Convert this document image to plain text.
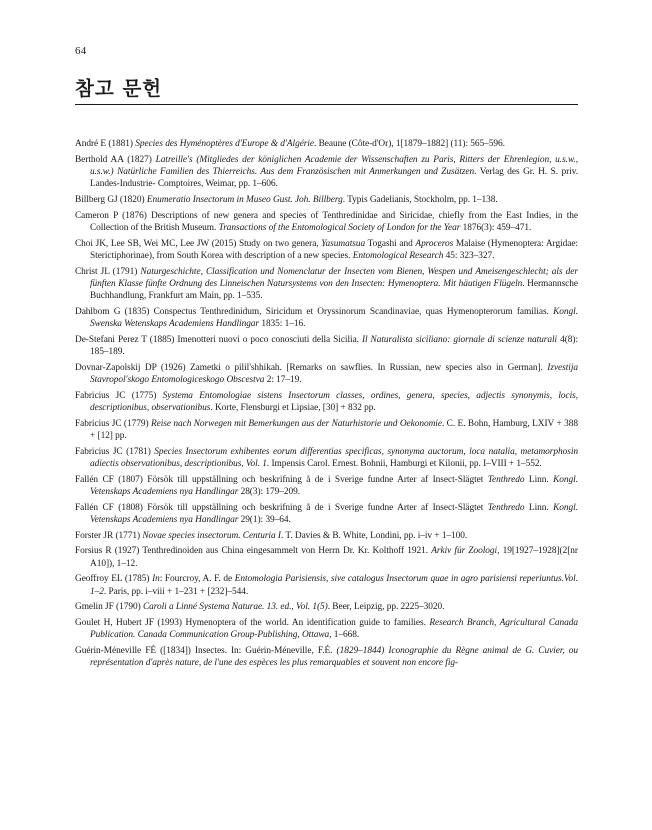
64
참고 문헌
André E (1881) Species des Hyménoptères d'Europe & d'Algérie. Beaune (Côte-d'Or), 1[1879–1882] (11): 565–596.
Berthold AA (1827) Latreille's (Mitgliedes der königlichen Academie der Wissenschaften zu Paris, Ritters der Ehrenlegion, u.s.w., u.s.w.) Natürliche Familien des Thierreichs. Aus dem Französischen mit Anmerkungen und Zusätzen. Verlag des Gr. H. S. priv. Landes-Industrie- Comptoires, Weimar, pp. 1–606.
Billberg GJ (1820) Enumeratio Insectorum in Museo Gust. Joh. Billberg. Typis Gadelianis, Stockholm, pp. 1–138.
Cameron P (1876) Descriptions of new genera and species of Tenthredinidae and Siricidae, chiefly from the East Indies, in the Collection of the British Museum. Transactions of the Entomological Society of London for the Year 1876(3): 459–471.
Choi JK, Lee SB, Wei MC, Lee JW (2015) Study on two genera, Yasumatsua Togashi and Aproceros Malaise (Hymenoptera: Argidae: Sterictiphorinae), from South Korea with description of a new species. Entomological Research 45: 323–327.
Christ JL (1791) Naturgeschichte, Classification und Nomenclatur der Insecten vom Bienen, Wespen und Ameisengeschlecht; als der fünften Klasse fünfte Ordnung des Linneischen Natursystems von den Insecten: Hymenoptera. Mit häutigen Flügeln. Hermannsche Buchhandlung, Frankfurt am Main, pp. 1–535.
Dahlbom G (1835) Conspectus Tenthredinidum, Siricidum et Oryssinorum Scandinaviae, quas Hymenopterorum familias. Kongl. Swenska Wetenskaps Academiens Handlingar 1835: 1–16.
De-Stefani Perez T (1885) Imenotteri nuovi o poco conosciuti della Sicilia. Il Naturalista siciliano: giornale di scienze naturali 4(8): 185–189.
Dovnar-Zapolskij DP (1926) Zametki o pilil'shhikah. [Remarks on sawflies. In Russian, new species also in German]. Izvestija Stavropol'skogo Entomologiceskogo Obscestva 2: 17–19.
Fabricius JC (1775) Systema Entomologiae sistens Insectorum classes, ordines, genera, species, adjectis synonymis, locis, descriptionibus, observationibus. Korte, Flensburgi et Lipsiae, [30] + 832 pp.
Fabricius JC (1779) Reise nach Norwegen mit Bemerkungen aus der Naturhistorie und Oekonomie. C. E. Bohn, Hamburg, LXIV + 388 + [12] pp.
Fabricius JC (1781) Species Insectorum exhibentes eorum differentias specificas, synonyma auctorum, loca natalia, metamorphosin adiectis observationibus, descriptionibus, Vol. 1. Impensis Carol. Ernest. Bohnii, Hamburgi et Kilonii, pp. I–VIII + 1–552.
Fallén CF (1807) Försök till uppställning och beskrifning å de i Sverige fundne Arter af Insect-Slägtet Tenthredo Linn. Kongl. Vetenskaps Academiens nya Handlingar 28(3): 179–209.
Fallén CF (1808) Försök till uppställning och beskrifning å de i Sverige fundne Arter af Insect-Slägtet Tenthredo Linn. Kongl. Vetenskaps Academiens nya Handlingar 29(1): 39–64.
Forster JR (1771) Novae species insectorum. Centuria I. T. Davies & B. White, Londini, pp. i–iv + 1–100.
Forsius R (1927) Tenthredinoiden aus China eingesammelt von Herrn Dr. Kr. Kolthoff 1921. Arkiv für Zoologi, 19[1927–1928](2[nr A10]), 1–12.
Geoffroy EL (1785) In: Fourcroy, A. F. de Entomologia Parisiensis, sive catalogus Insectorum quae in agro parisiensi reperiuntus.Vol. 1–2. Paris, pp. i–viii + 1–231 + [232]–544.
Gmelin JF (1790) Caroli a Linné Systema Naturae. 13. ed., Vol. 1(5). Beer, Leipzig, pp. 2225–3020.
Goulet H, Hubert JF (1993) Hymenoptera of the world. An identification guide to families. Research Branch, Agricultural Canada Publication. Canada Communication Group-Publishing, Ottawa, 1–668.
Guérin-Méneville FÉ ([1834]) Insectes. In: Guérin-Méneville, F.É. (1829–1844) Iconographie du Règne animal de G. Cuvier, ou représentation d'après nature, de l'une des espèces les plus remarquables et souvent non encore fig-
